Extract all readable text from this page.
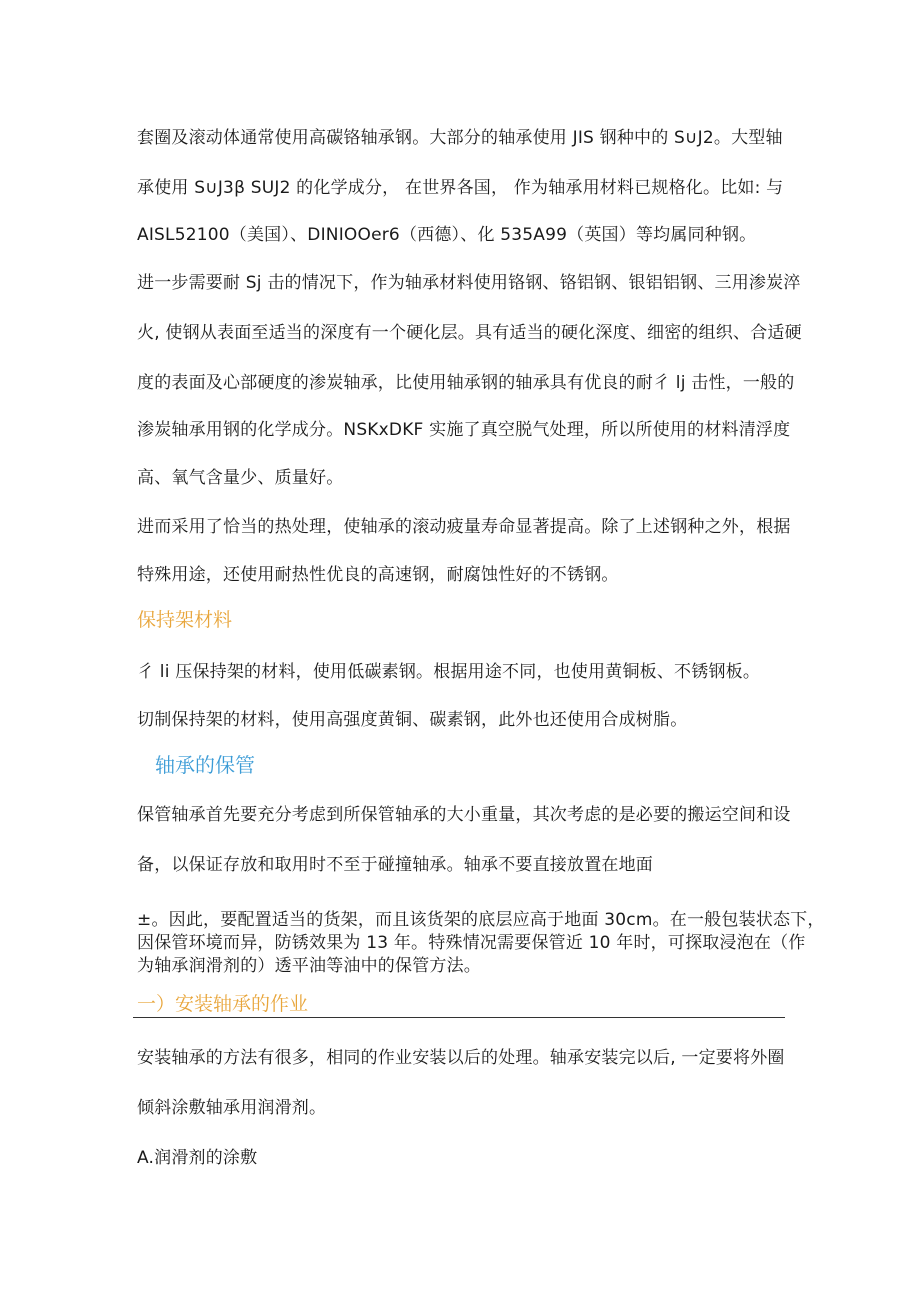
套圈及滚动体通常使用高碳铬轴承钢。大部分的轴承使用 JIS 钢种中的 S∪J2。大型轴
承使用 S∪J3β SUJ2 的化学成分， 在世界各国， 作为轴承用材料已规格化。比如: 与
AISL52100（美国）、DINIOOer6（西德）、化 535A99（英国）等均属同种钢。
进一步需要耐 Sj 击的情况下，作为轴承材料使用铬钢、铬铝钢、银铝铝钢、三用渗炭淬
火, 使钢从表面至适当的深度有一个硬化层。具有适当的硬化深度、细密的组织、合适硬
度的表面及心部硬度的渗炭轴承，比使用轴承钢的轴承具有优良的耐彳 lj 击性，一般的
渗炭轴承用钢的化学成分。NSKxDKF 实施了真空脱气处理，所以所使用的材料清浮度
高、氧气含量少、质量好。
进而采用了恰当的热处理，使轴承的滚动疲量寿命显著提高。除了上述钢种之外，根据
特殊用途，还使用耐热性优良的高速钢，耐腐蚀性好的不锈钢。
保持架材料
彳 li 压保持架的材料，使用低碳素钢。根据用途不同，也使用黄铜板、不锈钢板。
切制保持架的材料，使用高强度黄铜、碳素钢，此外也还使用合成树脂。
轴承的保管
保管轴承首先要充分考虑到所保管轴承的大小重量，其次考虑的是必要的搬运空间和设
备，以保证存放和取用时不至于碰撞轴承。轴承不要直接放置在地面
±。因此，要配置适当的货架，而且该货架的底层应高于地面 30cm。在一般包装状态下，
因保管环境而异，防锈效果为 13 年。特殊情况需要保管近 10 年时，可探取浸泡在（作
为轴承润滑剂的）透平油等油中的保管方法。
一）安装轴承的作业
安装轴承的方法有很多，相同的作业安装以后的处理。轴承安装完以后, 一定要将外圈
倾斜涂敷轴承用润滑剂。
A.润滑剂的涂敷
